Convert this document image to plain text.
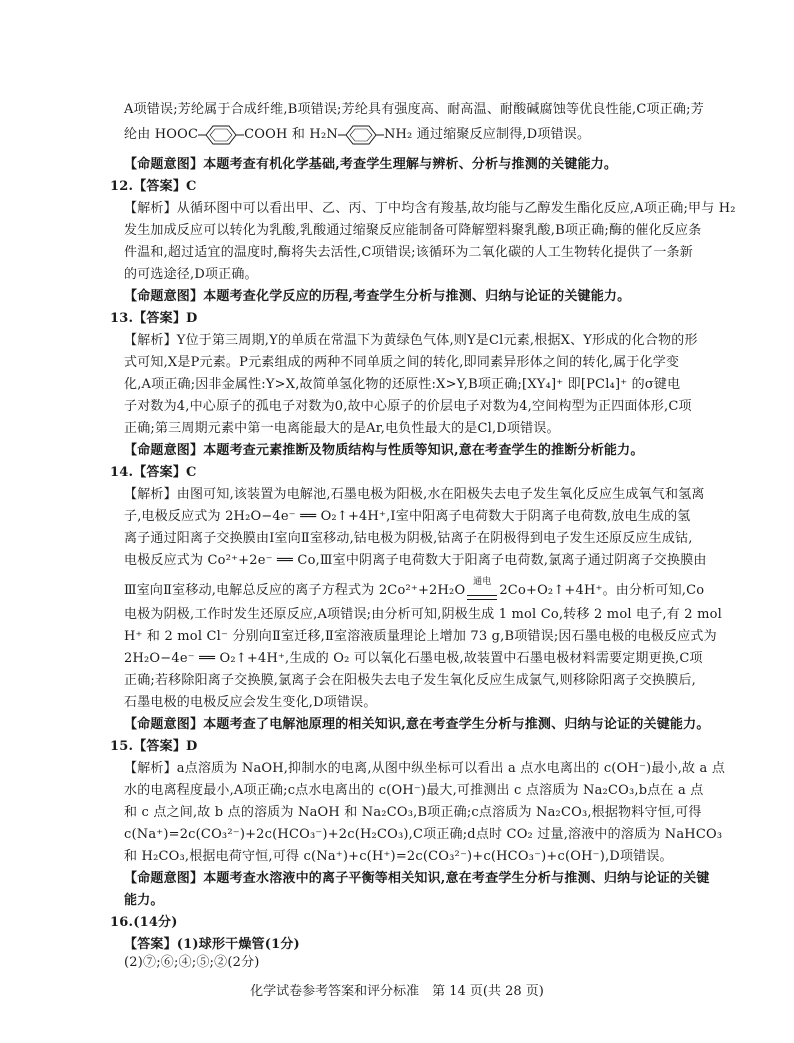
A项错误;芳纶属于合成纤维,B项错误;芳纶具有强度高、耐高温、耐酸碱腐蚀等优良性能,C项正确;芳
纶由 HOOC	COOH 和 H₂N	NH₂ 通过缩聚反应制得,D项错误。
【命题意图】本题考查有机化学基础,考查学生理解与辨析、分析与推测的关键能力。
12.【答案】C
【解析】从循环图中可以看出甲、乙、丙、丁中均含有羧基,故均能与乙醇发生酯化反应,A项正确;甲与 H₂
发生加成反应可以转化为乳酸,乳酸通过缩聚反应能制备可降解塑料聚乳酸,B项正确;酶的催化反应条
件温和,超过适宜的温度时,酶将失去活性,C项错误;该循环为二氧化碳的人工生物转化提供了一条新
的可选途径,D项正确。
【命题意图】本题考查化学反应的历程,考查学生分析与推测、归纳与论证的关键能力。
13.【答案】D
【解析】Y位于第三周期,Y的单质在常温下为黄绿色气体,则Y是Cl元素,根据X、Y形成的化合物的形
式可知,X是P元素。P元素组成的两种不同单质之间的转化,即同素异形体之间的转化,属于化学变
化,A项正确;因非金属性:Y>X,故简单氢化物的还原性:X>Y,B项正确;[XY₄]⁺ 即[PCl₄]⁺ 的σ键电
子对数为4,中心原子的孤电子对数为0,故中心原子的价层电子对数为4,空间构型为正四面体形,C项
正确;第三周期元素中第一电离能最大的是Ar,电负性最大的是Cl,D项错误。
【命题意图】本题考查元素推断及物质结构与性质等知识,意在考查学生的推断分析能力。
14.【答案】C
【解析】由图可知,该装置为电解池,石墨电极为阳极,水在阳极失去电子发生氧化反应生成氧气和氢离
子,电极反应式为 2H₂O−4e⁻ ══ O₂↑+4H⁺,Ⅰ室中阳离子电荷数大于阴离子电荷数,放电生成的氢
离子通过阳离子交换膜由Ⅰ室向Ⅱ室移动,钴电极为阴极,钴离子在阴极得到电子发生还原反应生成钴,
电极反应式为 Co²⁺+2e⁻ ══ Co,Ⅲ室中阴离子电荷数大于阳离子电荷数,氯离子通过阴离子交换膜由
Ⅲ室向Ⅱ室移动,电解总反应的离子方程式为 2Co²⁺+2H₂O
通电
2Co+O₂↑+4H⁺。由分析可知,Co
电极为阴极,工作时发生还原反应,A项错误;由分析可知,阴极生成 1 mol Co,转移 2 mol 电子,有 2 mol
H⁺ 和 2 mol Cl⁻ 分别向Ⅱ室迁移,Ⅱ室溶液质量理论上增加 73 g,B项错误;因石墨电极的电极反应式为
2H₂O−4e⁻ ══ O₂↑+4H⁺,生成的 O₂ 可以氧化石墨电极,故装置中石墨电极材料需要定期更换,C项
正确;若移除阳离子交换膜,氯离子会在阳极失去电子发生氧化反应生成氯气,则移除阳离子交换膜后,
石墨电极的电极反应会发生变化,D项错误。
【命题意图】本题考查了电解池原理的相关知识,意在考查学生分析与推测、归纳与论证的关键能力。
15.【答案】D
【解析】a点溶质为 NaOH,抑制水的电离,从图中纵坐标可以看出 a 点水电离出的 c(OH⁻)最小,故 a 点
水的电离程度最小,A项正确;c点水电离出的 c(OH⁻)最大,可推测出 c 点溶质为 Na₂CO₃,b点在 a 点
和 c 点之间,故 b 点的溶质为 NaOH 和 Na₂CO₃,B项正确;c点溶质为 Na₂CO₃,根据物料守恒,可得
c(Na⁺)=2c(CO₃²⁻)+2c(HCO₃⁻)+2c(H₂CO₃),C项正确;d点时 CO₂ 过量,溶液中的溶质为 NaHCO₃
和 H₂CO₃,根据电荷守恒,可得 c(Na⁺)+c(H⁺)=2c(CO₃²⁻)+c(HCO₃⁻)+c(OH⁻),D项错误。
【命题意图】本题考查水溶液中的离子平衡等相关知识,意在考查学生分析与推测、归纳与论证的关键
能力。
16.(14分)
【答案】(1)球形干燥管(1分)
(2)⑦;⑥;④;⑤;②(2分)
化学试卷参考答案和评分标准　第 14 页(共 28 页)
